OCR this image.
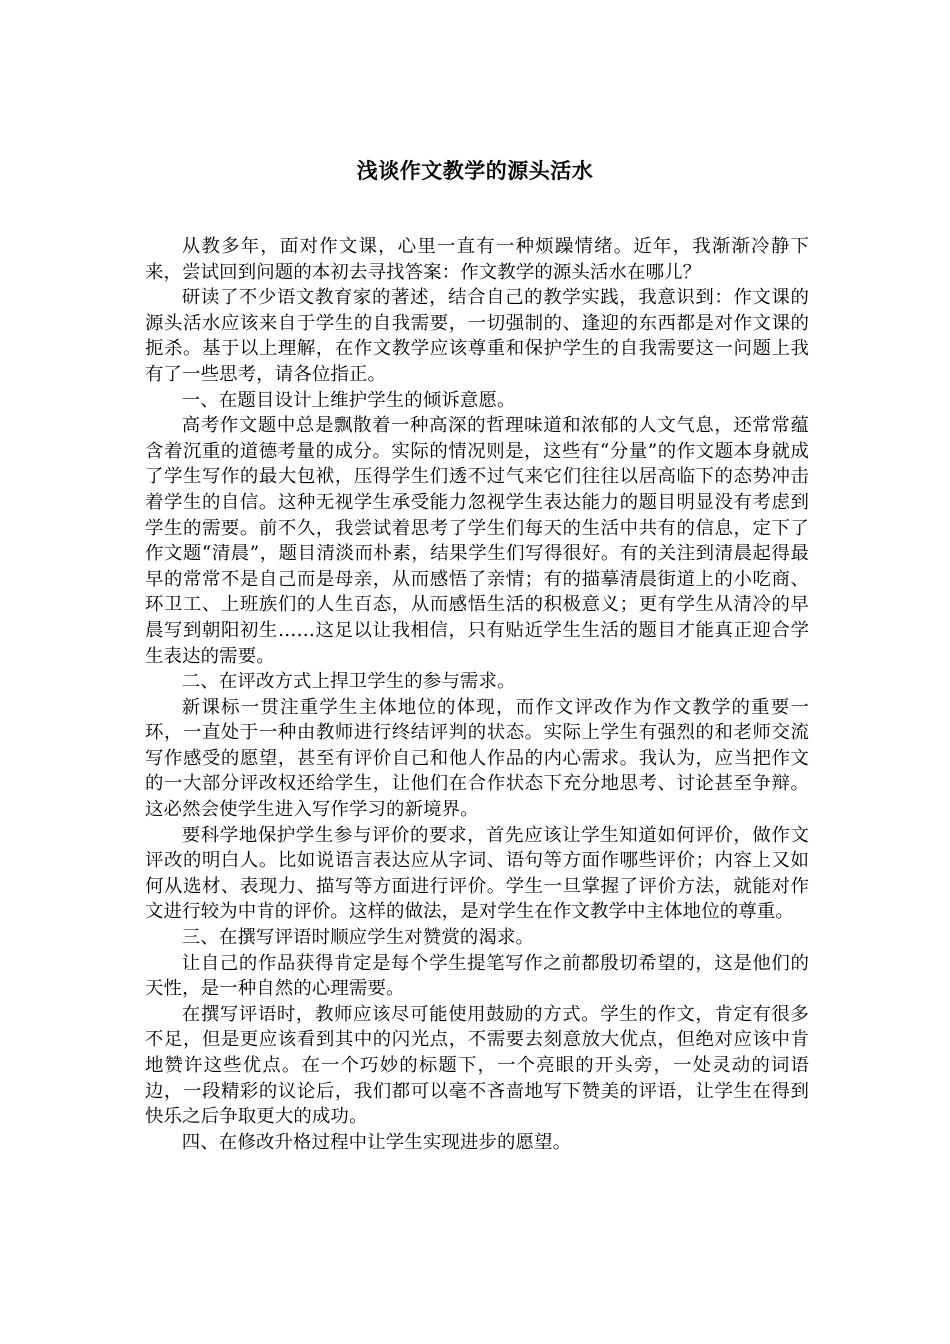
浅谈作文教学的源头活水

从教多年，面对作文课，心里一直有一种烦躁情绪。近年，我渐渐冷静下来，尝试回到问题的本初去寻找答案：作文教学的源头活水在哪儿？

研读了不少语文教育家的著述，结合自己的教学实践，我意识到：作文课的源头活水应该来自于学生的自我需要，一切强制的、逢迎的东西都是对作文课的扼杀。基于以上理解，在作文教学应该尊重和保护学生的自我需要这一问题上我有了一些思考，请各位指正。

一、在题目设计上维护学生的倾诉意愿。

高考作文题中总是飘散着一种高深的哲理味道和浓郁的人文气息，还常常蕴含着沉重的道德考量的成分。实际的情况则是，这些有“分量”的作文题本身就成了学生写作的最大包袱，压得学生们透不过气来它们往往以居高临下的态势冲击着学生的自信。这种无视学生承受能力忽视学生表达能力的题目明显没有考虑到学生的需要。前不久，我尝试着思考了学生们每天的生活中共有的信息，定下了作文题“清晨”，题目清淡而朴素，结果学生们写得很好。有的关注到清晨起得最早的常常不是自己而是母亲，从而感悟了亲情；有的描摹清晨街道上的小吃商、环卫工、上班族们的人生百态，从而感悟生活的积极意义；更有学生从清冷的早晨写到朝阳初生……这足以让我相信，只有贴近学生生活的题目才能真正迎合学生表达的需要。

二、在评改方式上捍卫学生的参与需求。

新课标一贯注重学生主体地位的体现，而作文评改作为作文教学的重要一环，一直处于一种由教师进行终结评判的状态。实际上学生有强烈的和老师交流写作感受的愿望，甚至有评价自己和他人作品的内心需求。我认为，应当把作文的一大部分评改权还给学生，让他们在合作状态下充分地思考、讨论甚至争辩。这必然会使学生进入写作学习的新境界。

要科学地保护学生参与评价的要求，首先应该让学生知道如何评价，做作文评改的明白人。比如说语言表达应从字词、语句等方面作哪些评价；内容上又如何从选材、表现力、描写等方面进行评价。学生一旦掌握了评价方法，就能对作文进行较为中肯的评价。这样的做法，是对学生在作文教学中主体地位的尊重。

三、在撰写评语时顺应学生对赞赏的渴求。

让自己的作品获得肯定是每个学生提笔写作之前都殷切希望的，这是他们的天性，是一种自然的心理需要。

在撰写评语时，教师应该尽可能使用鼓励的方式。学生的作文，肯定有很多不足，但是更应该看到其中的闪光点，不需要去刻意放大优点，但绝对应该中肯地赞许这些优点。在一个巧妙的标题下，一个亮眼的开头旁，一处灵动的词语边，一段精彩的议论后，我们都可以毫不吝啬地写下赞美的评语，让学生在得到快乐之后争取更大的成功。

四、在修改升格过程中让学生实现进步的愿望。
